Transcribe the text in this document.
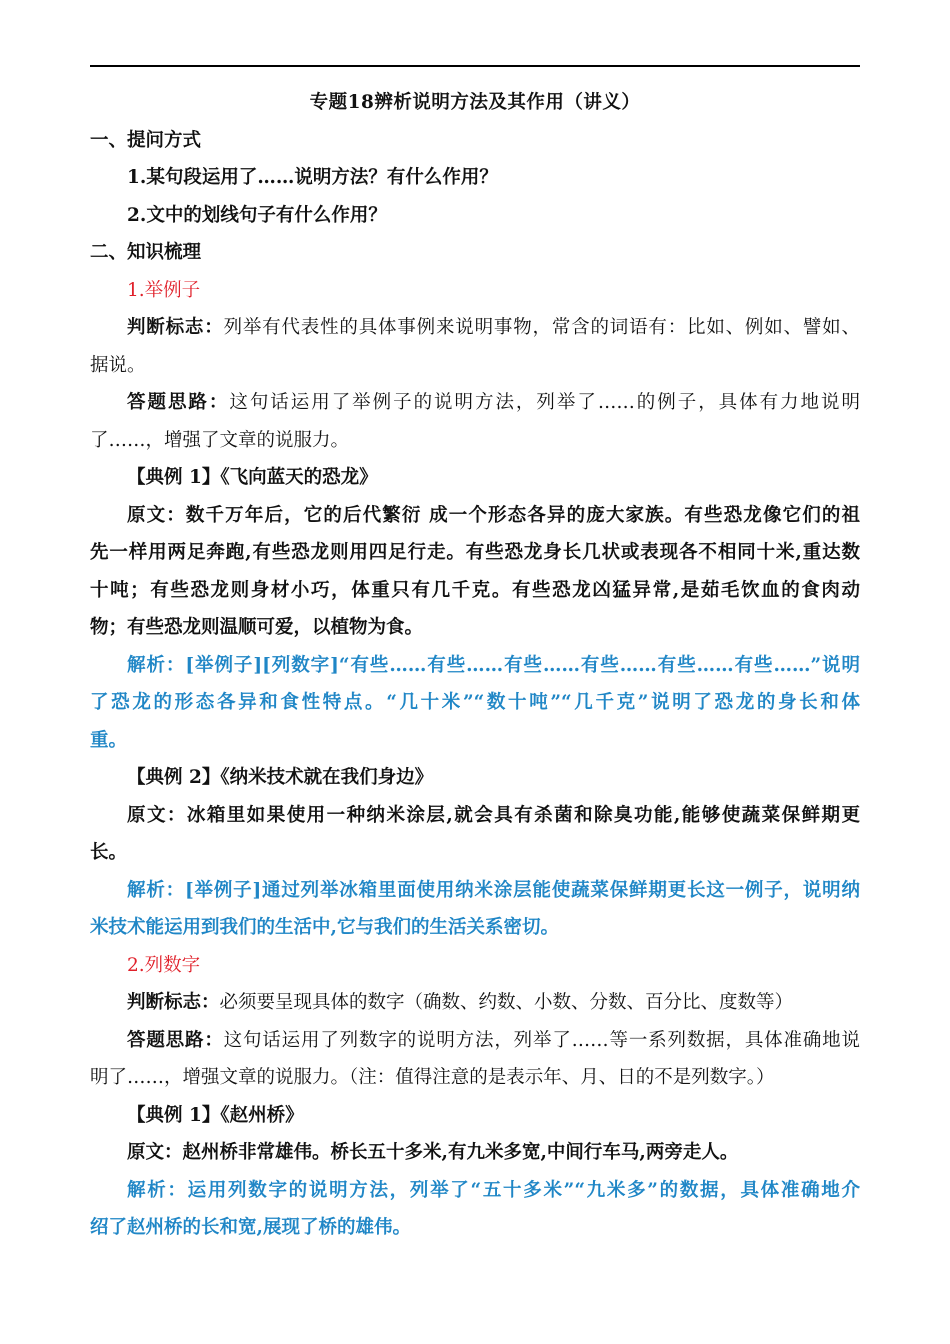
专题18辨析说明方法及其作用（讲义）
一、提问方式
1.某句段运用了……说明方法？有什么作用？
2.文中的划线句子有什么作用？
二、知识梳理
1.举例子
判断标志：列举有代表性的具体事例来说明事物，常含的词语有：比如、例如、譬如、
据说。
答题思路：这句话运用了举例子的说明方法，列举了……的例子，具体有力地说明
了……，增强了文章的说服力。
【典例 1】《飞向蓝天的恐龙》
原文：数千万年后，它的后代繁衍 成一个形态各异的庞大家族。有些恐龙像它们的祖
先一样用两足奔跑,有些恐龙则用四足行走。有些恐龙身长几状或表现各不相同十米,重达数
十吨；有些恐龙则身材小巧，体重只有几千克。有些恐龙凶猛异常,是茹毛饮血的食肉动
物；有些恐龙则温顺可爱，以植物为食。
解析：[举例子][列数字]“有些……有些……有些……有些……有些……有些……”说明
了恐龙的形态各异和食性特点。“几十米”“数十吨”“几千克”说明了恐龙的身长和体
重。
【典例 2】《纳米技术就在我们身边》
原文：冰箱里如果使用一种纳米涂层,就会具有杀菌和除臭功能,能够使蔬菜保鲜期更
长。
解析：[举例子]通过列举冰箱里面使用纳米涂层能使蔬菜保鲜期更长这一例子，说明纳
米技术能运用到我们的生活中,它与我们的生活关系密切。
2.列数字
判断标志：必须要呈现具体的数字（确数、约数、小数、分数、百分比、度数等）
答题思路：这句话运用了列数字的说明方法，列举了……等一系列数据，具体准确地说
明了……，增强文章的说服力。（注：值得注意的是表示年、月、日的不是列数字。）
【典例 1】《赵州桥》
原文：赵州桥非常雄伟。桥长五十多米,有九米多宽,中间行车马,两旁走人。
解析：运用列数字的说明方法，列举了“五十多米”“九米多”的数据，具体准确地介
绍了赵州桥的长和宽,展现了桥的雄伟。
